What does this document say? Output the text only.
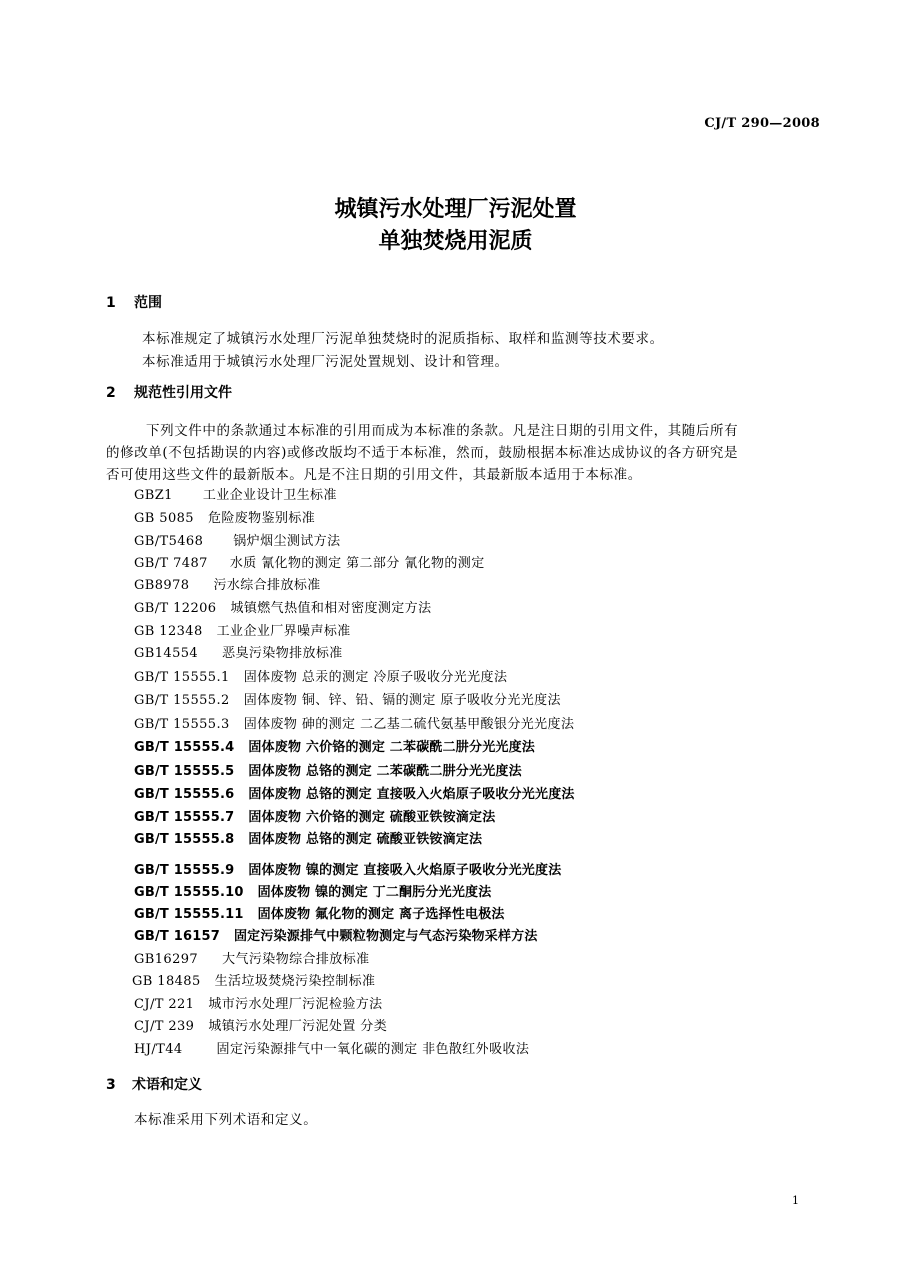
CJ/T 290—2008
城镇污水处理厂污泥处置
单独焚烧用泥质
1 范围
本标准规定了城镇污水处理厂污泥单独焚烧时的泥质指标、取样和监测等技术要求。
本标准适用于城镇污水处理厂污泥处置规划、设计和管理。
2 规范性引用文件
下列文件中的条款通过本标准的引用而成为本标准的条款。凡是注日期的引用文件，其随后所有
的修改单(不包括勘误的内容)或修改版均不适于本标准，然而，鼓励根据本标准达成协议的各方研究是
否可使用这些文件的最新版本。凡是不注日期的引用文件，其最新版本适用于本标准。
GBZ1 工业企业设计卫生标准
GB 5085 危险废物鉴别标准
GB/T5468 锅炉烟尘测试方法
GB/T 7487 水质 氰化物的测定 第二部分 氰化物的测定
GB8978 污水综合排放标准
GB/T 12206 城镇燃气热值和相对密度测定方法
GB 12348 工业企业厂界噪声标准
GB14554 恶臭污染物排放标准
GB/T 15555.1 固体废物 总汞的测定 冷原子吸收分光光度法
GB/T 15555.2 固体废物 铜、锌、铅、镉的测定 原子吸收分光光度法
GB/T 15555.3 固体废物 砷的测定 二乙基二硫代氨基甲酸银分光光度法
GB/T 15555.4 固体废物 六价铬的测定 二苯碳酰二肼分光光度法
GB/T 15555.5 固体废物 总铬的测定 二苯碳酰二肼分光光度法
GB/T 15555.6 固体废物 总铬的测定 直接吸入火焰原子吸收分光光度法
GB/T 15555.7 固体废物 六价铬的测定 硫酸亚铁铵滴定法
GB/T 15555.8 固体废物 总铬的测定 硫酸亚铁铵滴定法
GB/T 15555.9 固体废物 镍的测定 直接吸入火焰原子吸收分光光度法
GB/T 15555.10 固体废物 镍的测定 丁二酮肟分光光度法
GB/T 15555.11 固体废物 氟化物的测定 离子选择性电极法
GB/T 16157 固定污染源排气中颗粒物测定与气态污染物采样方法
GB16297 大气污染物综合排放标准
GB 18485 生活垃圾焚烧污染控制标准
CJ/T 221 城市污水处理厂污泥检验方法
CJ/T 239 城镇污水处理厂污泥处置 分类
HJ/T44	固定污染源排气中一氧化碳的测定 非色散红外吸收法
3 术语和定义
本标准采用下列术语和定义。
1
